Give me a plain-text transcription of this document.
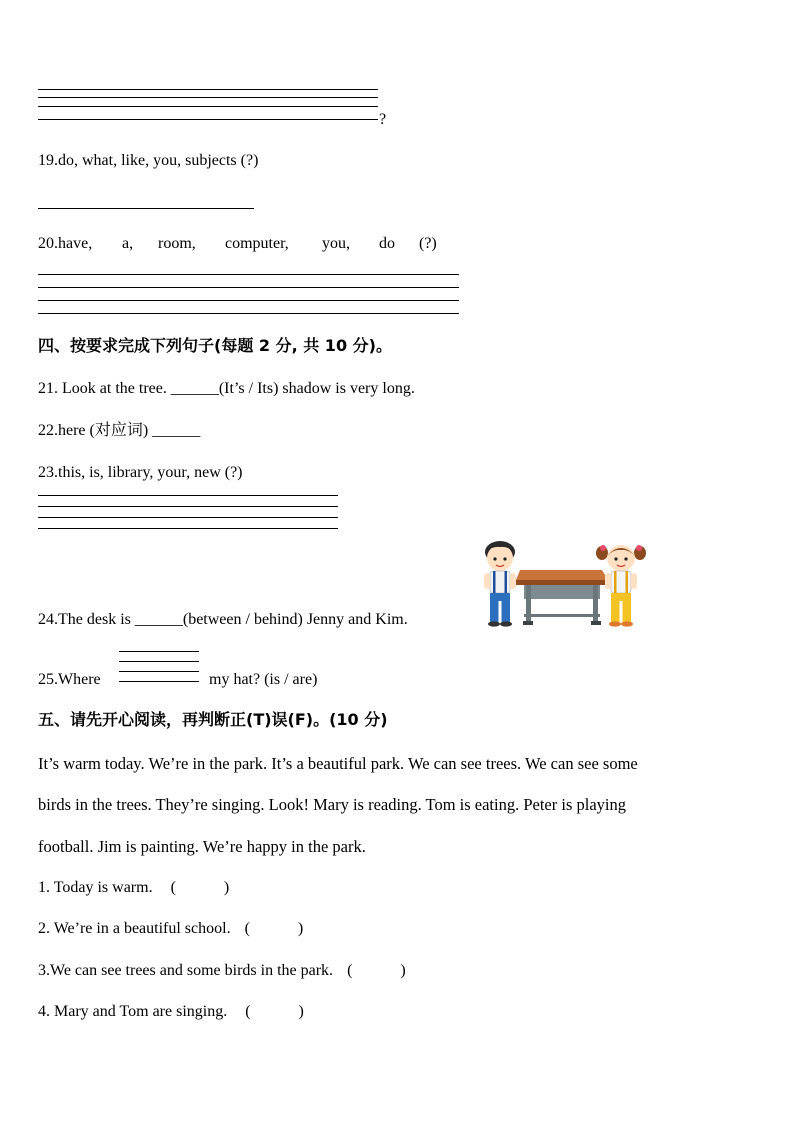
?
19.do, what, like, you, subjects (?)
20.have, a, room, computer, you, do (?)
四、按要求完成下列句子(每题 2 分, 共 10 分)。
21. Look at the tree. ______(It’s / Its) shadow is very long.
22.here (对应词) ______
23.this, is, library, your, new (?)
24.The desk is ______(between / behind) Jenny and Kim.
25.Where	my hat? (is / are)
五、请先开心阅读，再判断正(T)误(F)。(10 分)
It’s warm today. We’re in the park. It’s a beautiful park. We can see trees. We can see some
birds in the trees. They’re singing. Look! Mary is reading. Tom is eating. Peter is playing
football. Jim is painting. We’re happy in the park.
1. Today is warm. (            )
2. We’re in a beautiful school. (            )
3.We can see trees and some birds in the park. (            )
4. Mary and Tom are singing. (            )
